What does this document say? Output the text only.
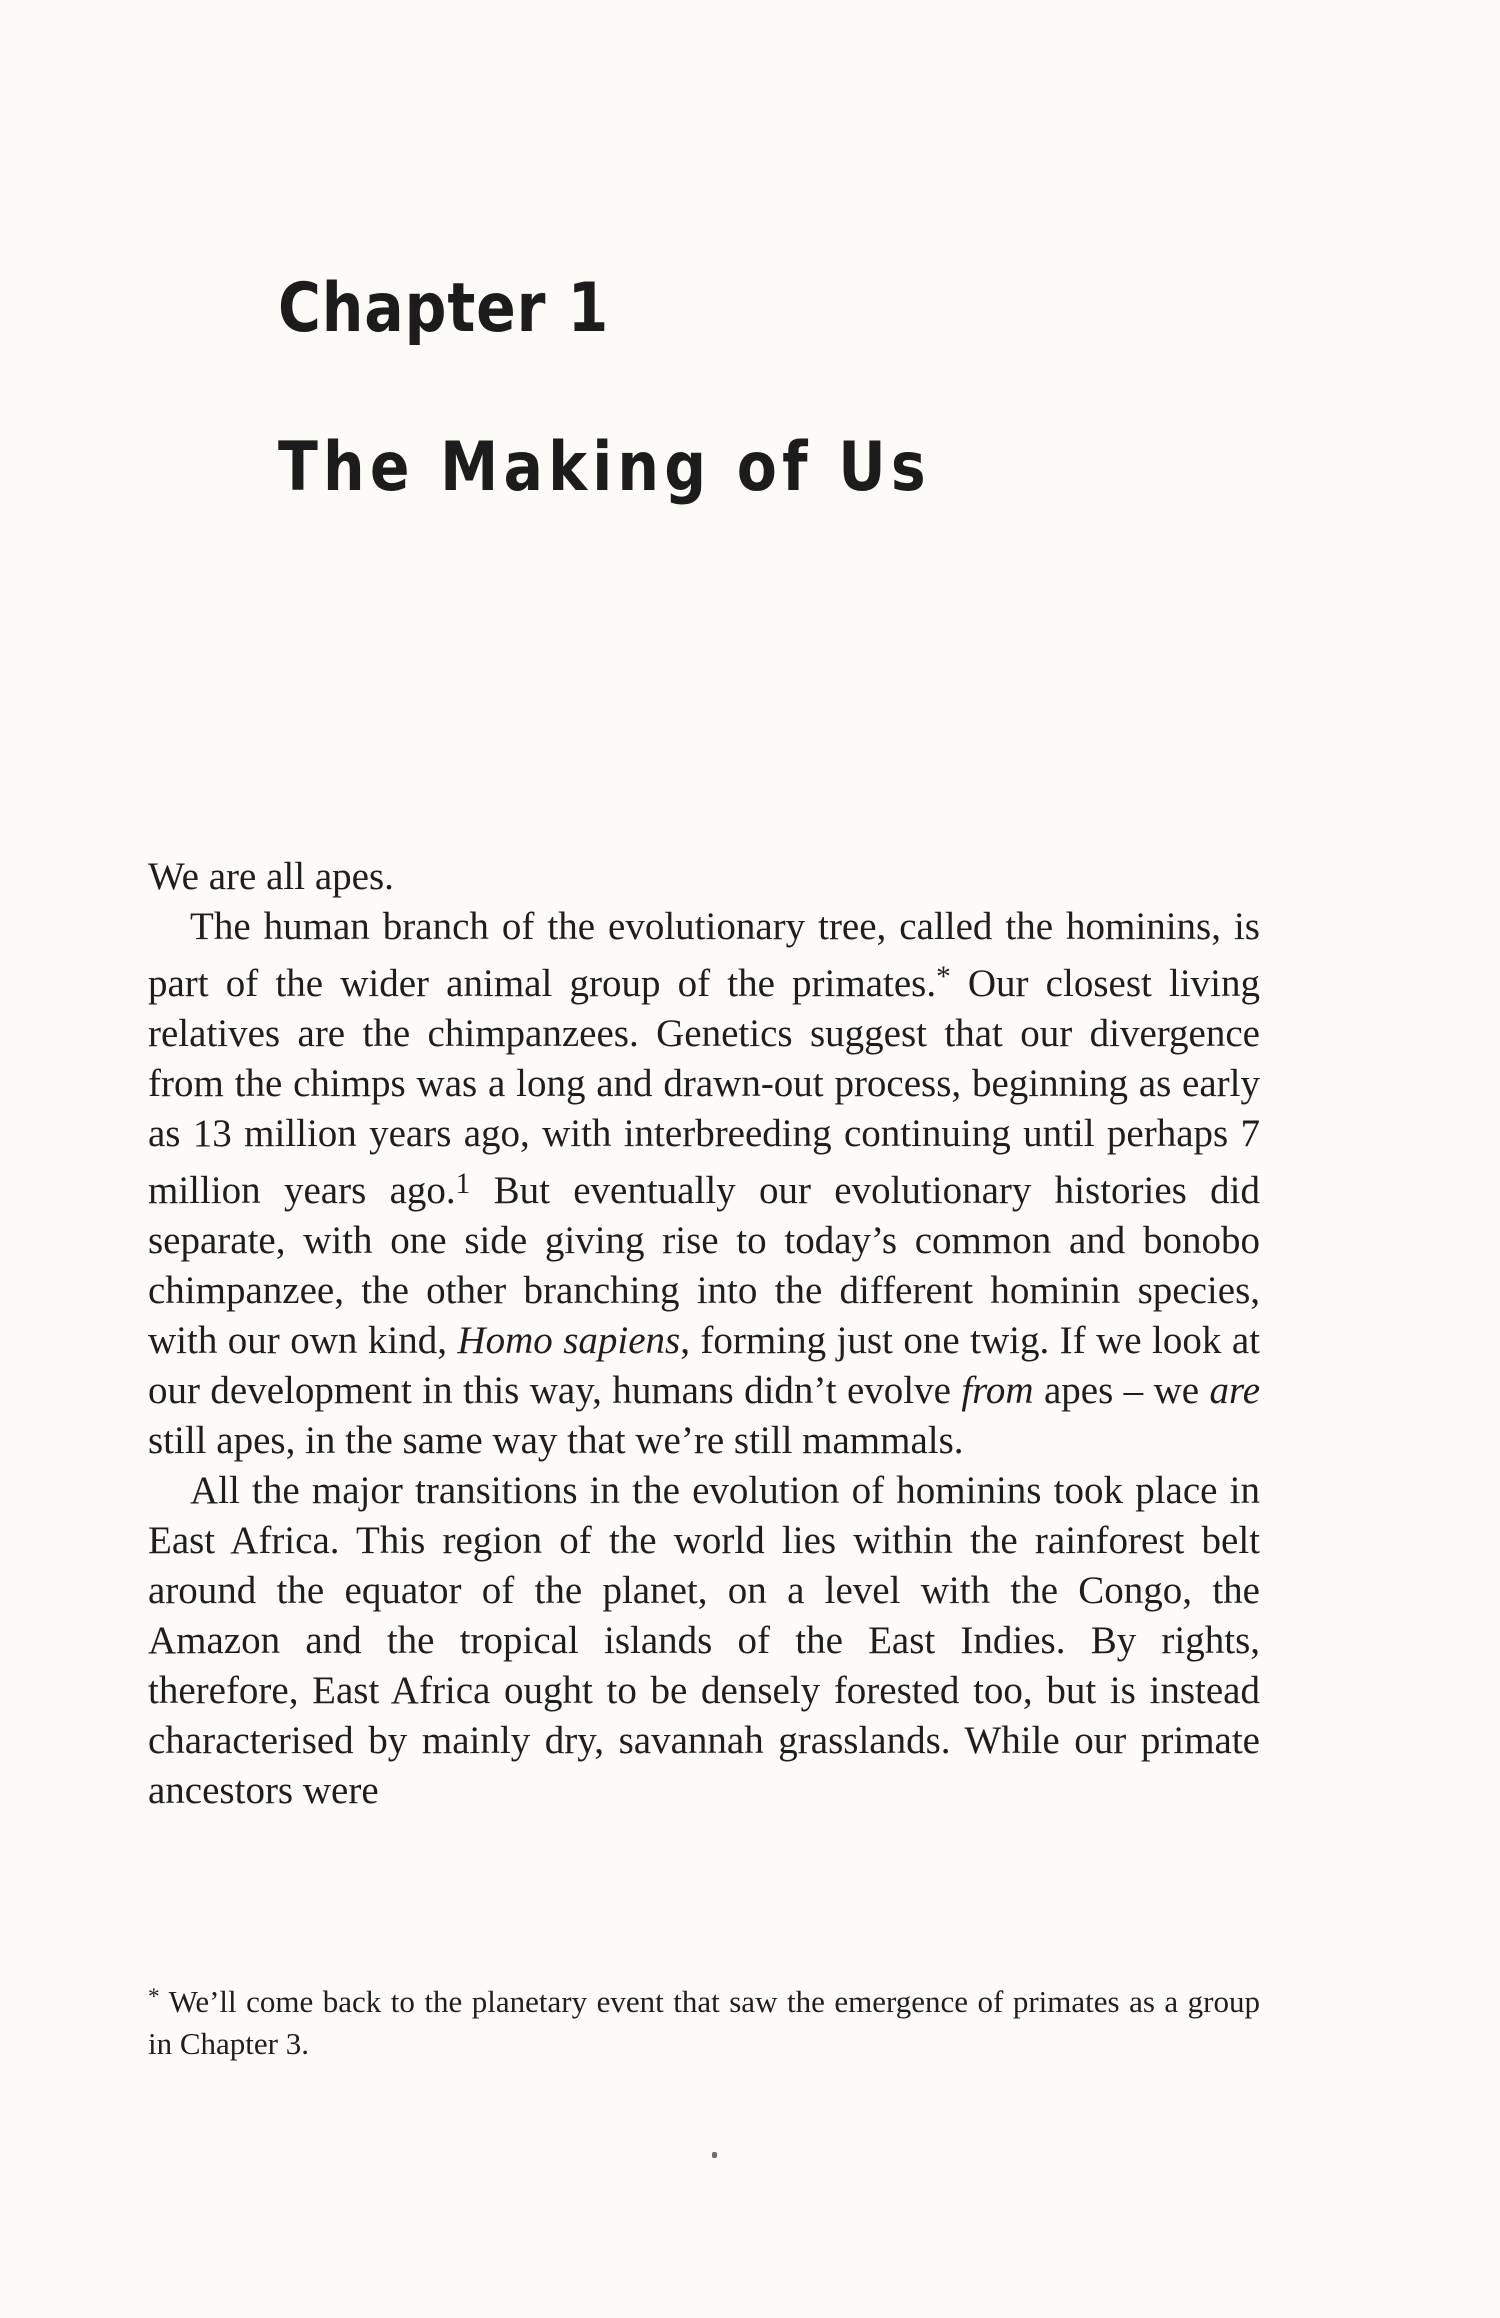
Chapter 1
The Making of Us

We are all apes.

The human branch of the evolutionary tree, called the hominins, is part of the wider animal group of the primates.* Our closest living relatives are the chimpanzees. Genetics suggest that our divergence from the chimps was a long and drawn-out process, beginning as early as 13 million years ago, with interbreeding continuing until perhaps 7 million years ago.$^1$ But eventually our evolutionary histories did separate, with one side giving rise to today’s common and bonobo chimpanzee, the other branching into the different hominin species, with our own kind, Homo sapiens, forming just one twig. If we look at our development in this way, humans didn’t evolve from apes – we are still apes, in the same way that we’re still mammals.

All the major transitions in the evolution of hominins took place in East Africa. This region of the world lies within the rainforest belt around the equator of the planet, on a level with the Congo, the Amazon and the tropical islands of the East Indies. By rights, therefore, East Africa ought to be densely forested too, but is instead characterised by mainly dry, savannah grasslands. While our primate ancestors were

* We’ll come back to the planetary event that saw the emergence of primates as a group in Chapter 3.
